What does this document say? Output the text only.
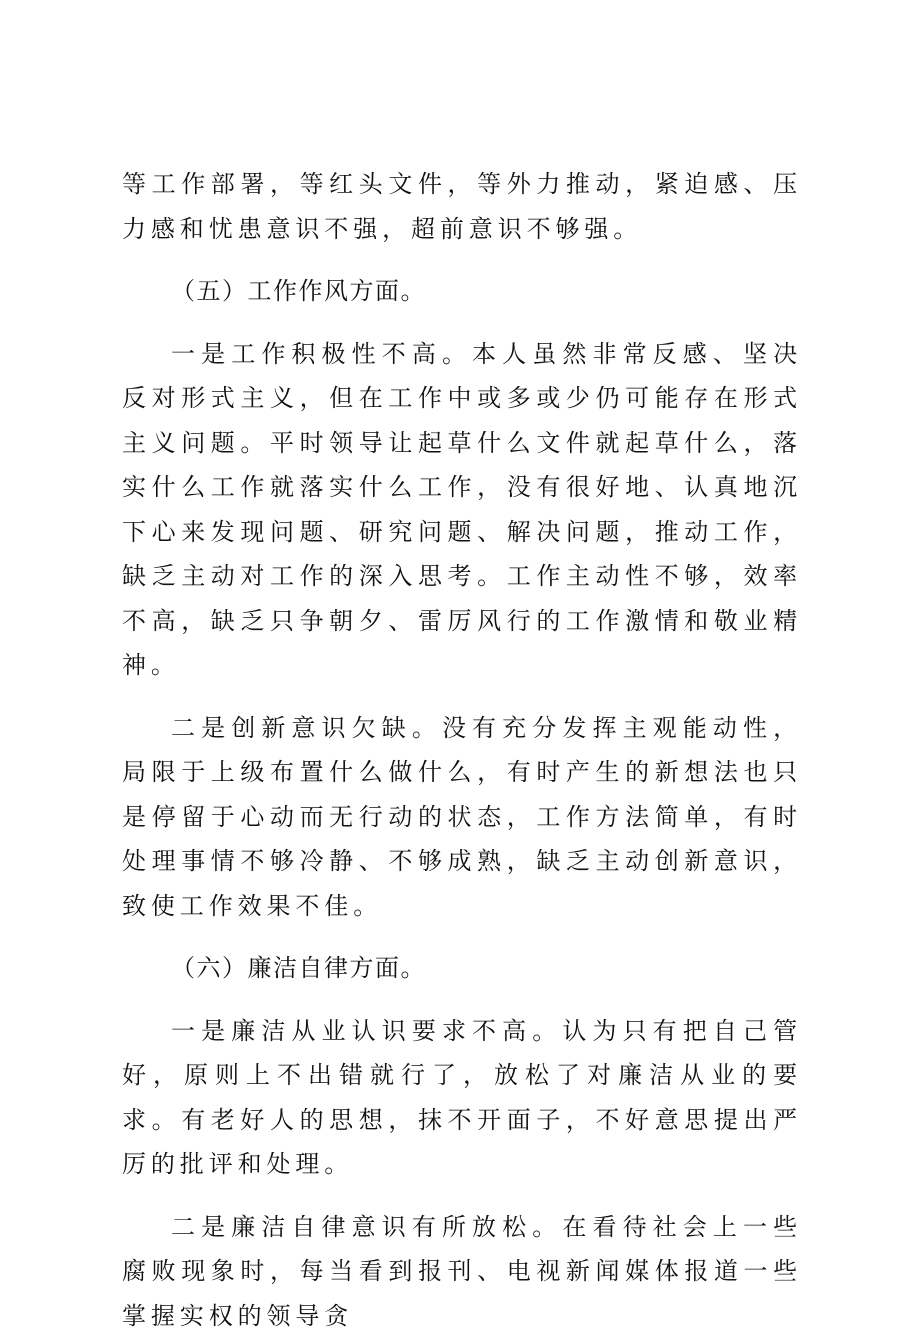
等工作部署，等红头文件，等外力推动，紧迫感、压力感和忧患意识不强，超前意识不够强。

（五）工作作风方面。

一是工作积极性不高。本人虽然非常反感、坚决反对形式主义，但在工作中或多或少仍可能存在形式主义问题。平时领导让起草什么文件就起草什么，落实什么工作就落实什么工作，没有很好地、认真地沉下心来发现问题、研究问题、解决问题，推动工作，缺乏主动对工作的深入思考。工作主动性不够，效率不高，缺乏只争朝夕、雷厉风行的工作激情和敬业精神。

二是创新意识欠缺。没有充分发挥主观能动性，局限于上级布置什么做什么，有时产生的新想法也只是停留于心动而无行动的状态，工作方法简单，有时处理事情不够冷静、不够成熟，缺乏主动创新意识，致使工作效果不佳。

（六）廉洁自律方面。

一是廉洁从业认识要求不高。认为只有把自己管好，原则上不出错就行了，放松了对廉洁从业的要求。有老好人的思想，抹不开面子，不好意思提出严厉的批评和处理。

二是廉洁自律意识有所放松。在看待社会上一些腐败现象时，每当看到报刊、电视新闻媒体报道一些掌握实权的领导贪
